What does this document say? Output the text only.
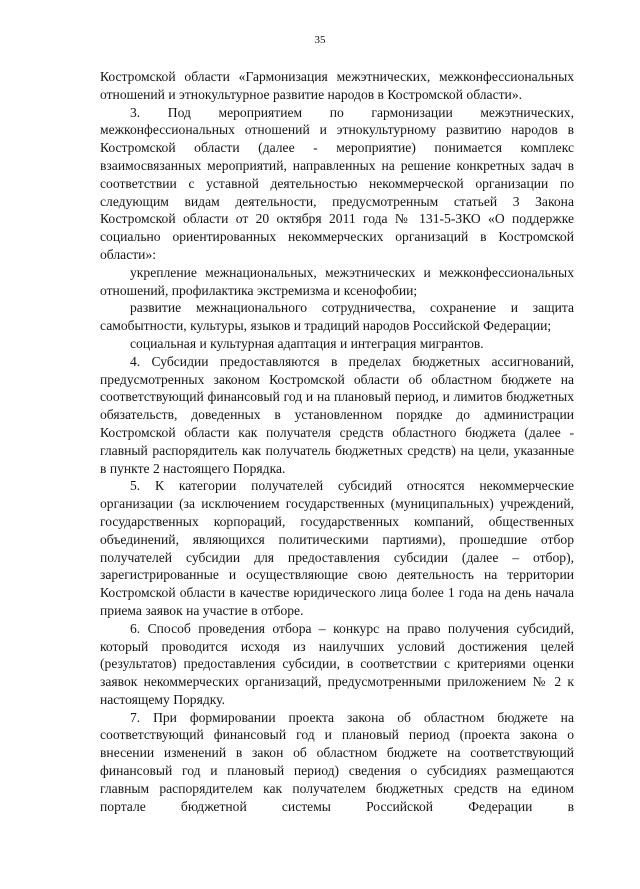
35

Костромской области «Гармонизация межэтнических, межконфессиональных отношений и этнокультурное развитие народов в Костромской области».

3. Под мероприятием по гармонизации межэтнических, межконфессиональных отношений и этнокультурному развитию народов в Костромской области (далее - мероприятие) понимается комплекс взаимосвязанных мероприятий, направленных на решение конкретных задач в соответствии с уставной деятельностью некоммерческой организации по следующим видам деятельности, предусмотренным статьей 3 Закона Костромской области от 20 октября 2011 года № 131-5-ЗКО «О поддержке социально ориентированных некоммерческих организаций в Костромской области»:

укрепление межнациональных, межэтнических и межконфессиональных отношений, профилактика экстремизма и ксенофобии;

развитие межнационального сотрудничества, сохранение и защита самобытности, культуры, языков и традиций народов Российской Федерации;

социальная и культурная адаптация и интеграция мигрантов.

4. Субсидии предоставляются в пределах бюджетных ассигнований, предусмотренных законом Костромской области об областном бюджете на соответствующий финансовый год и на плановый период, и лимитов бюджетных обязательств, доведенных в установленном порядке до администрации Костромской области как получателя средств областного бюджета (далее - главный распорядитель как получатель бюджетных средств) на цели, указанные в пункте 2 настоящего Порядка.

5. К категории получателей субсидий относятся некоммерческие организации (за исключением государственных (муниципальных) учреждений, государственных корпораций, государственных компаний, общественных объединений, являющихся политическими партиями), прошедшие отбор получателей субсидии для предоставления субсидии (далее – отбор), зарегистрированные и осуществляющие свою деятельность на территории Костромской области в качестве юридического лица более 1 года на день начала приема заявок на участие в отборе.

6. Способ проведения отбора – конкурс на право получения субсидий, который проводится исходя из наилучших условий достижения целей (результатов) предоставления субсидии, в соответствии с критериями оценки заявок некоммерческих организаций, предусмотренными приложением № 2 к настоящему Порядку.

7. При формировании проекта закона об областном бюджете на соответствующий финансовый год и плановый период (проекта закона о внесении изменений в закон об областном бюджете на соответствующий финансовый год и плановый период) сведения о субсидиях размещаются главным распорядителем как получателем бюджетных средств на едином портале бюджетной системы Российской Федерации в
